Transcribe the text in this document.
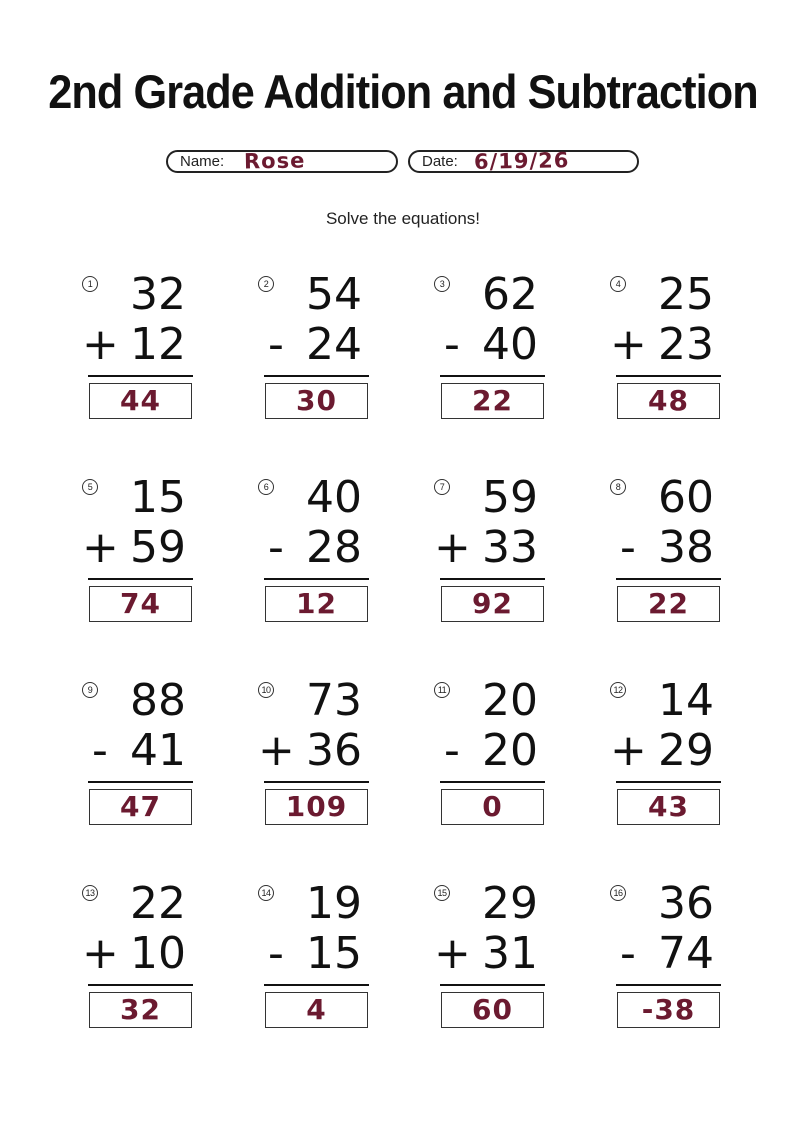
2nd Grade Addition and Subtraction
Name: Rose	Date: 6/19/26
Solve the equations!
1 32
+ 12
44
2 54
- 24
30
3 62
- 40
22
4 25
+ 23
48
5 15
+ 59
74
6 40
- 28
12
7 59
+ 33
92
8 60
- 38
22
9 88
- 41
47
10 73
+ 36
109
11 20
- 20
0
12 14
+ 29
43
13 22
+ 10
32
14 19
- 15
4
15 29
+ 31
60
16 36
- 74
-38
